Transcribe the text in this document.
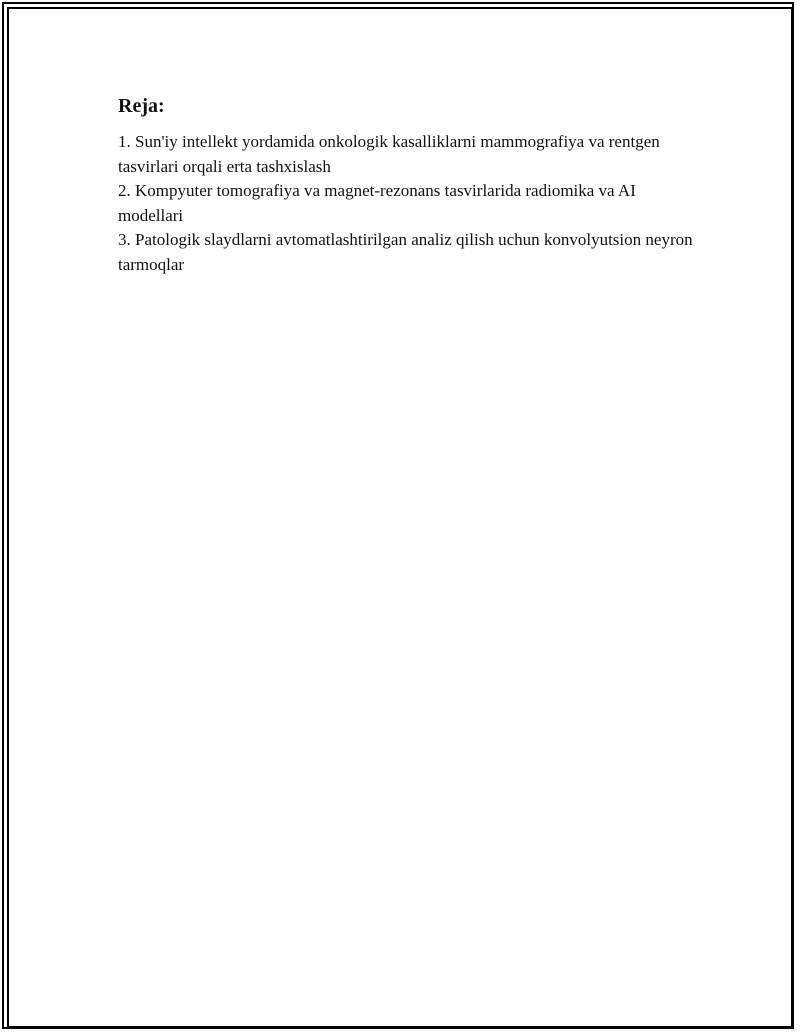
Reja:
1. Sun'iy intellekt yordamida onkologik kasalliklarni mammografiya va rentgen tasvirlari orqali erta tashxislash
2. Kompyuter tomografiya va magnet-rezonans tasvirlarida radiomika va AI modellari
3. Patologik slaydlarni avtomatlashtirilgan analiz qilish uchun konvolyutsion neyron tarmoqlar
